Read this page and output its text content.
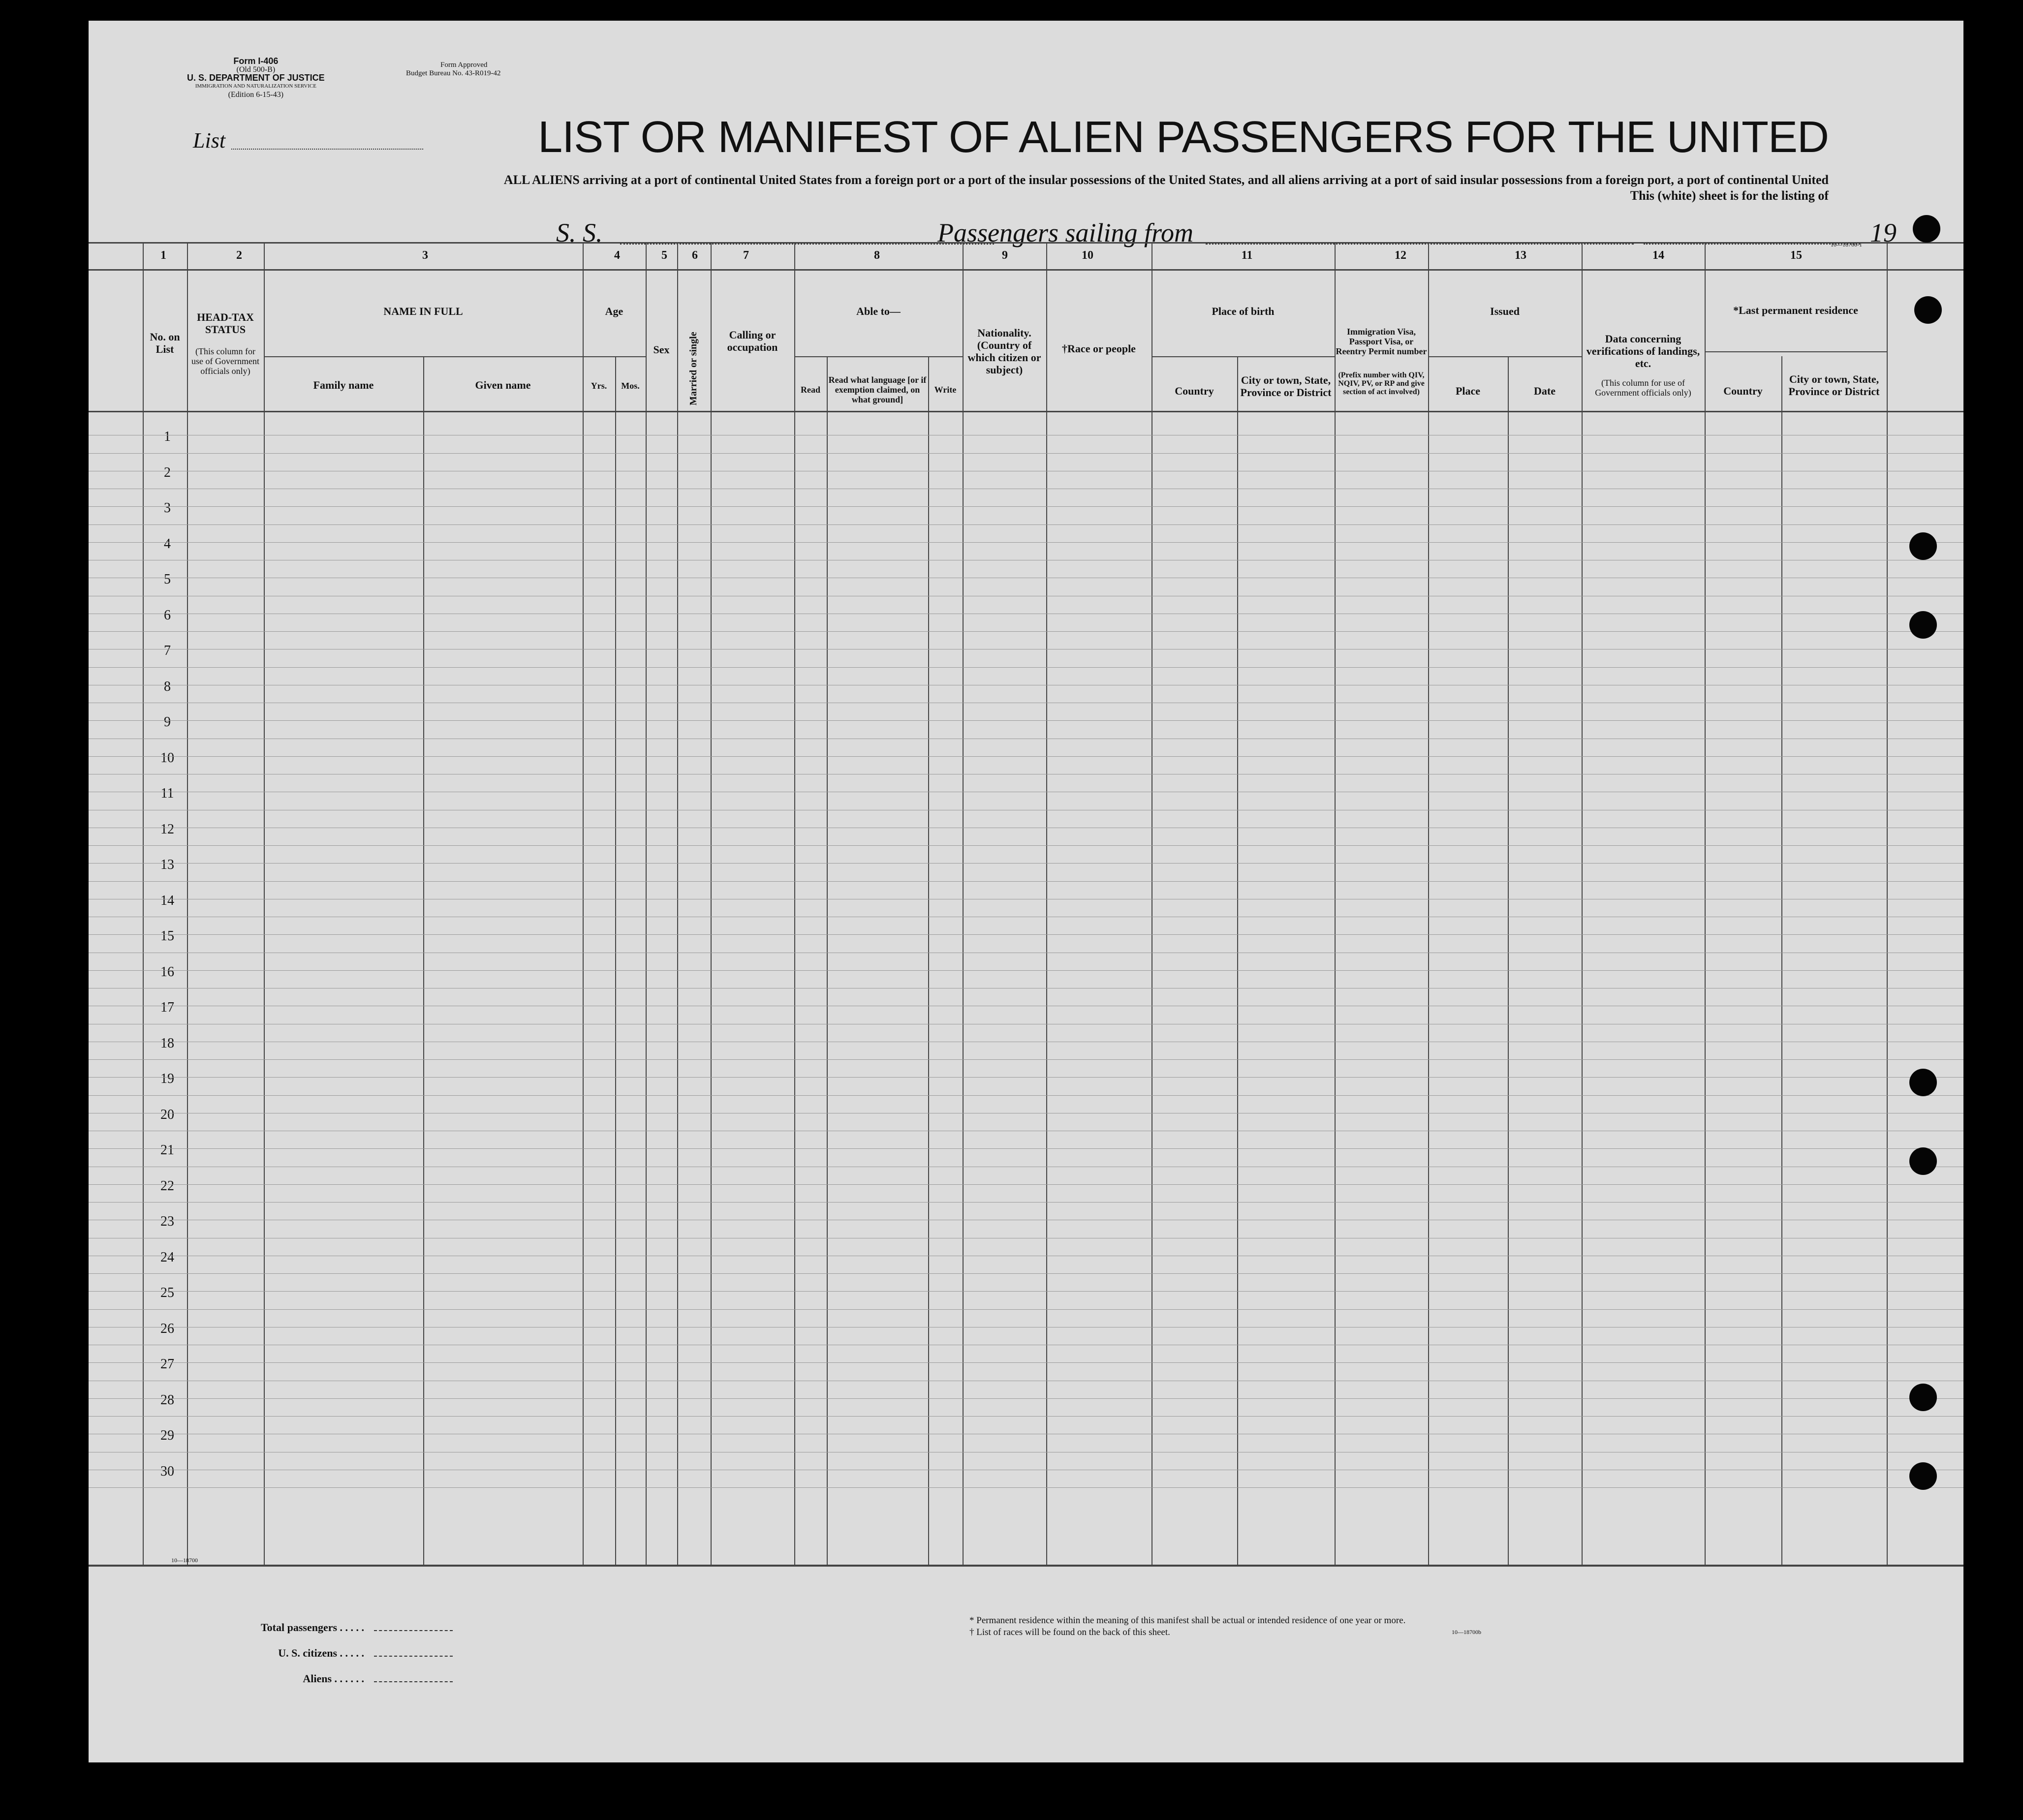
Form I-406
(Old 500-B)
U. S. DEPARTMENT OF JUSTICE
IMMIGRATION AND NATURALIZATION SERVICE
(Edition 6-15-43)
Form Approved
Budget Bureau No. 43-R019-42
List	LIST OR MANIFEST OF ALIEN PASSENGERS FOR THE UNITED
ALL ALIENS arriving at a port of continental United States from a foreign port or a port of the insular possessions of the United States, and all aliens arriving at a port of said insular possessions from a foreign port, a port of continental United
This (white) sheet is for the listing of
S. S.	Passengers sailing from	19
10—18700-1
1	2	3	4	5	6	7	8	9	10	11	12	13	14	15
No. on List
HEAD-TAX STATUS
(This column for use of Government officials only)
NAME IN FULL
Family name	Given name
Age
Yrs.	Mos.
Sex	Married or single	Calling or occupation
Able to—
Read
Read what language [or if exemption claimed, on what ground]
Write
Nationality. (Country of which citizen or subject)
†Race or people
Place of birth
Country
City or town, State, Province or District
Immigration Visa, Passport Visa, or Reentry Permit number
(Prefix number with QIV, NQIV, PV, or RP and give section of act involved)
Issued
Place	Date
Data concerning verifications of landings, etc.
(This column for use of Government officials only)
*Last permanent residence
Country
City or town, State, Province or District
1
2
3
4
5
6
7
8
9
10
11
12
13
14
15
16
17
18
19
20
21
22
23
24
25
26
27
28
29
30
10—18700
Total passengers . . . . .
U. S. citizens . . . . .
Aliens . . . . . .
* Permanent residence within the meaning of this manifest shall be actual or intended residence of one year or more.
† List of races will be found on the back of this sheet.	10—18700b
